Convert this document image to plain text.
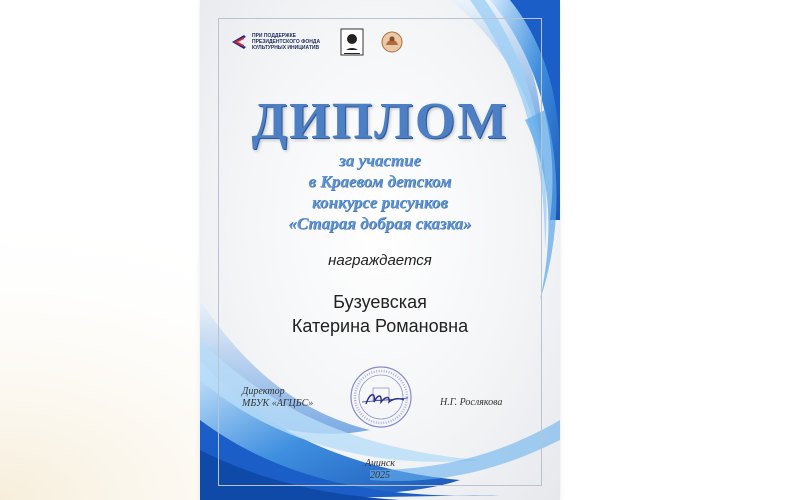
ПРИ ПОДДЕРЖКЕ
ПРЕЗИДЕНТСКОГО ФОНДА
КУЛЬТУРНЫХ ИНИЦИАТИВ
ДИПЛОМ
за участие
в Краевом детском
конкурсе рисунков
«Старая добрая сказка»
награждается
Бузуевская
Катерина Романовна
Директор
МБУК «АГЦБС»	Н.Г. Рослякова
Ачинск
2025
